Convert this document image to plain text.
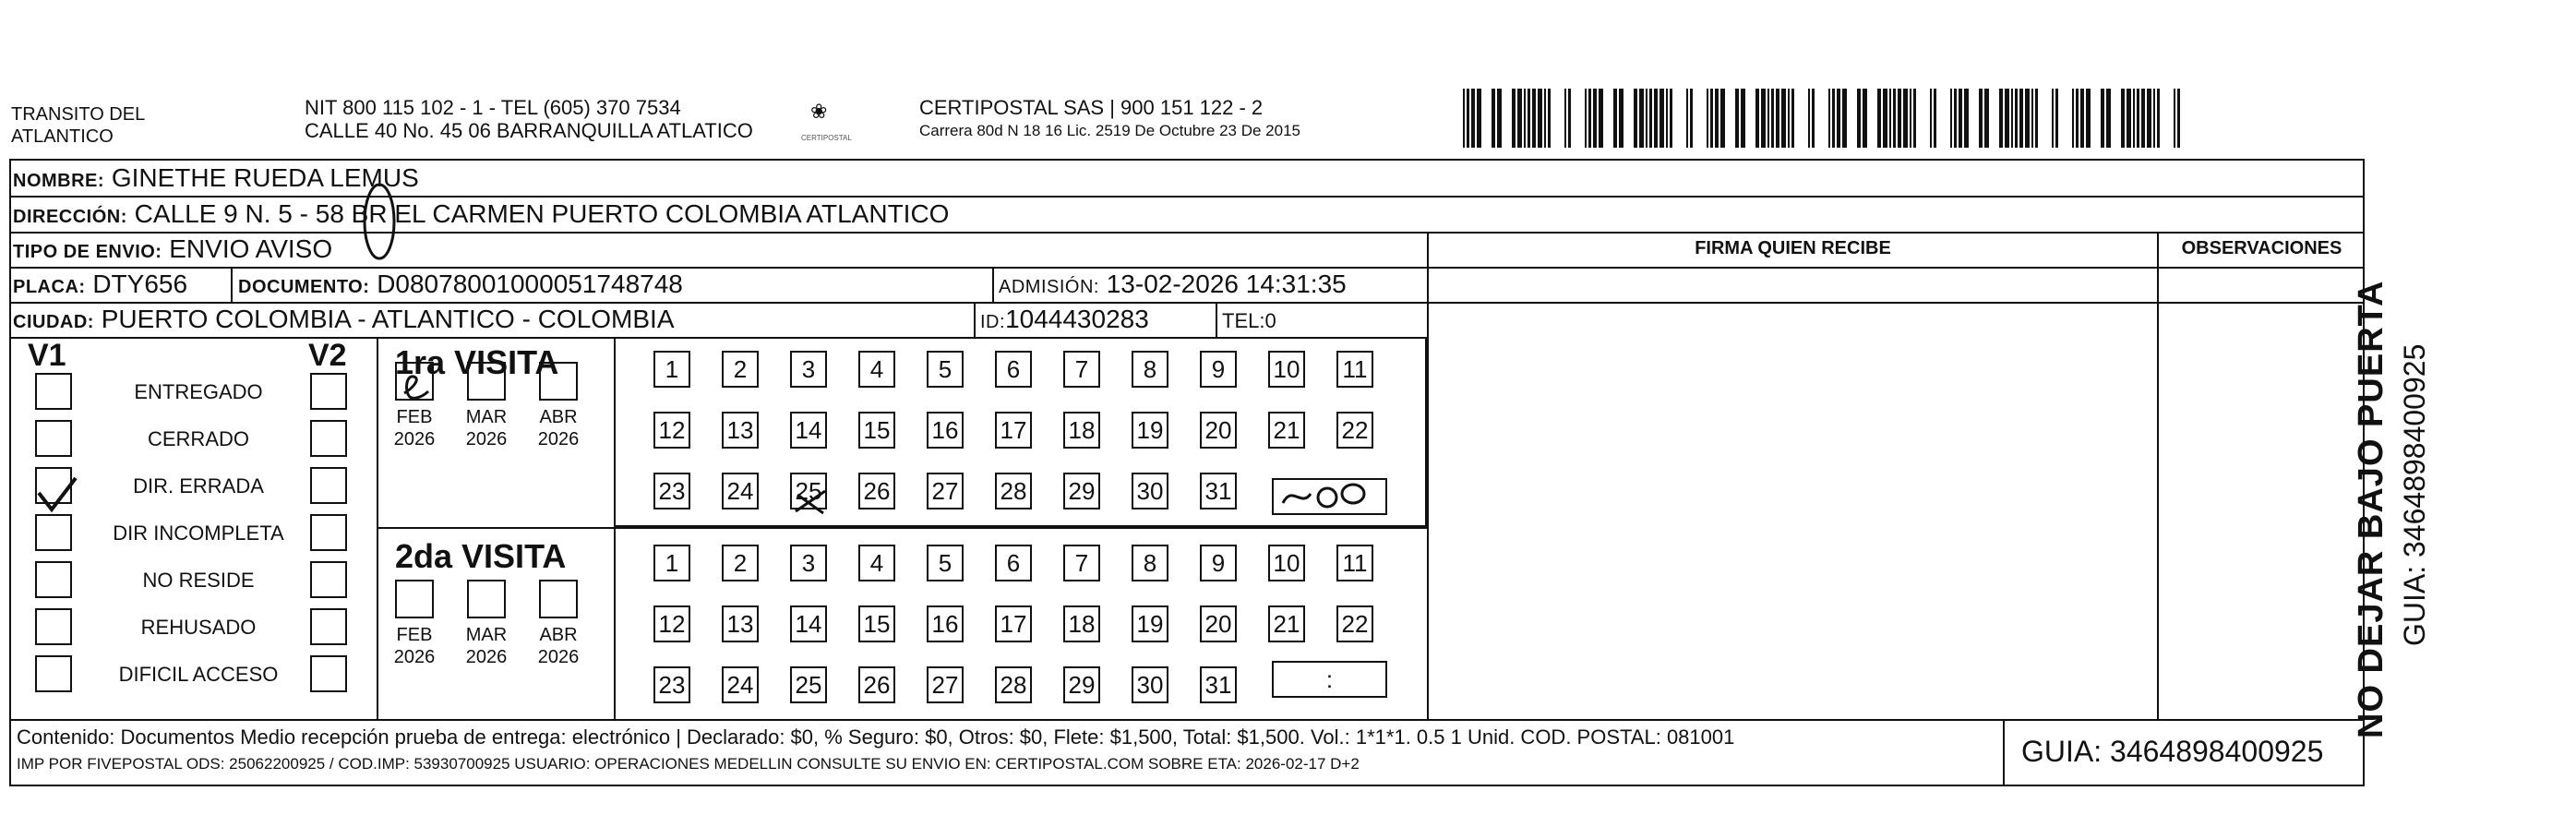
TRANSITO DEL
ATLANTICO
NIT 800 115 102 - 1 - TEL (605) 370 7534
CALLE 40 No. 45 06 BARRANQUILLA ATLATICO
❀
CERTIPOSTAL
CERTIPOSTAL SAS | 900 151 122 - 2
Carrera 80d N 18 16 Lic. 2519 De Octubre 23 De 2015
NOMBRE: GINETHE RUEDA LEMUS
DIRECCIÓN: CALLE 9 N. 5 - 58 BR EL CARMEN PUERTO COLOMBIA ATLANTICO
TIPO DE ENVIO: ENVIO AVISO
PLACA: DTY656	DOCUMENTO: D08078001000051748748	ADMISIÓN: 13-02-2026 14:31:35
CIUDAD: PUERTO COLOMBIA - ATLANTICO - COLOMBIA	ID:1044430283	TEL:0
FIRMA QUIEN RECIBE	OBSERVACIONES
V1	V2
ENTREGADO
CERRADO
DIR. ERRADA
DIR INCOMPLETA
NO RESIDE
REHUSADO
DIFICIL ACCESO
1ra VISITA
2da VISITA
FEB
2026
MAR
2026
ABR
2026
FEB
2026
MAR
2026
ABR
2026
1	2	3	4	5	6	7	8	9	10 11
12 13 14 15 16 17 18 19 20 21 22
23 24 25 26 27 28 29 30 31
1	2	3	4	5	6	7	8	9	10 11
12 13 14 15 16 17 18 19 20 21 22
23 24 25 26 27 28 29 30 31	:
Contenido: Documentos Medio recepción prueba de entrega: electrónico | Declarado: $0, % Seguro: $0, Otros: $0, Flete: $1,500, Total: $1,500. Vol.: 1*1*1. 0.5 1 Unid. COD. POSTAL: 081001
IMP POR FIVEPOSTAL ODS: 25062200925 / COD.IMP: 53930700925 USUARIO: OPERACIONES MEDELLIN CONSULTE SU ENVIO EN: CERTIPOSTAL.COM SOBRE ETA: 2026-02-17 D+2	GUIA: 3464898400925
NO DEJAR BAJO PUERTA GUIA: 3464898400925
